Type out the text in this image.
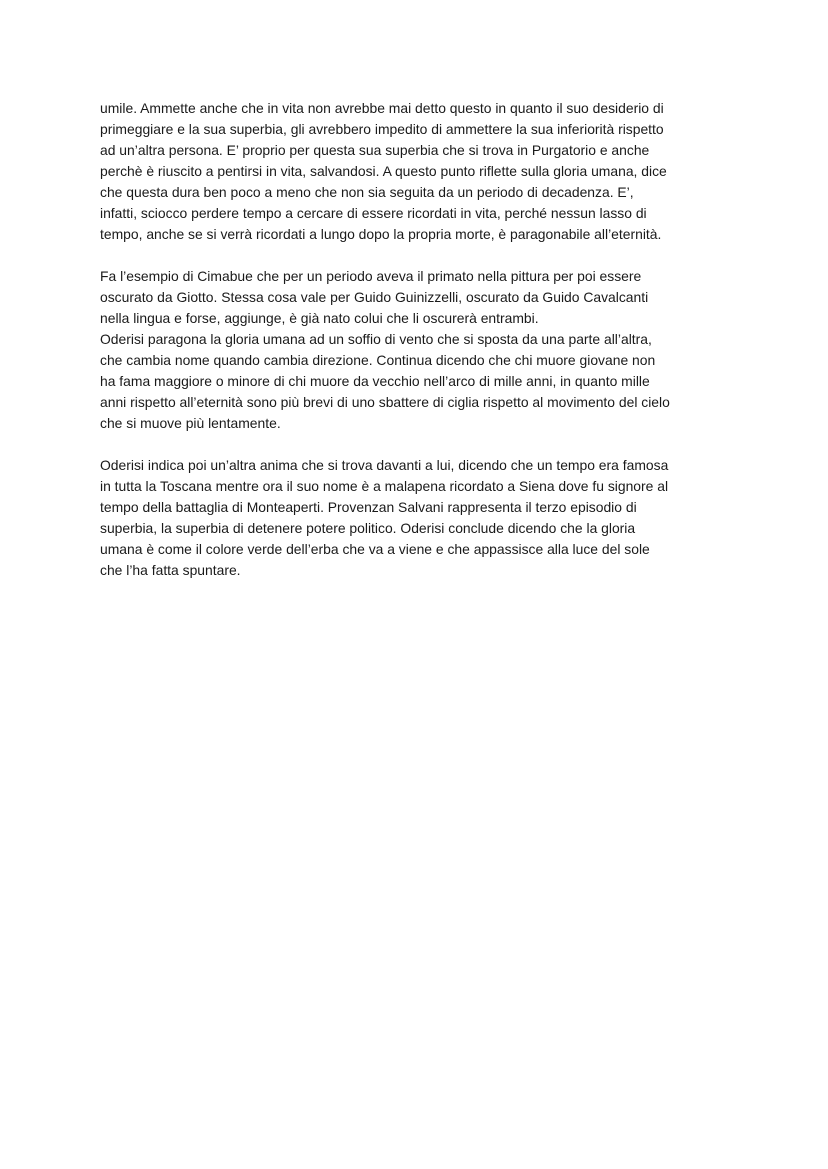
umile. Ammette anche che in vita non avrebbe mai detto questo in quanto il suo desiderio di
primeggiare e la sua superbia, gli avrebbero impedito di ammettere la sua inferiorità rispetto
ad un’altra persona. E’ proprio per questa sua superbia che si trova in Purgatorio e anche
perchè è riuscito a pentirsi in vita, salvandosi. A questo punto riflette sulla gloria umana, dice
che questa dura ben poco a meno che non sia seguita da un periodo di decadenza. E’,
infatti, sciocco perdere tempo a cercare di essere ricordati in vita, perché nessun lasso di
tempo, anche se si verrà ricordati a lungo dopo la propria morte, è paragonabile all’eternità.

Fa l’esempio di Cimabue che per un periodo aveva il primato nella pittura per poi essere
oscurato da Giotto. Stessa cosa vale per Guido Guinizzelli, oscurato da Guido Cavalcanti
nella lingua e forse, aggiunge, è già nato colui che li oscurerà entrambi.

Oderisi paragona la gloria umana ad un soffio di vento che si sposta da una parte all’altra,
che cambia nome quando cambia direzione. Continua dicendo che chi muore giovane non
ha fama maggiore o minore di chi muore da vecchio nell’arco di mille anni, in quanto mille
anni rispetto all’eternità sono più brevi di uno sbattere di ciglia rispetto al movimento del cielo
che si muove più lentamente.

Oderisi indica poi un’altra anima che si trova davanti a lui, dicendo che un tempo era famosa
in tutta la Toscana mentre ora il suo nome è a malapena ricordato a Siena dove fu signore al
tempo della battaglia di Monteaperti. Provenzan Salvani rappresenta il terzo episodio di
superbia, la superbia di detenere potere politico. Oderisi conclude dicendo che la gloria
umana è come il colore verde dell’erba che va a viene e che appassisce alla luce del sole
che l’ha fatta spuntare.
